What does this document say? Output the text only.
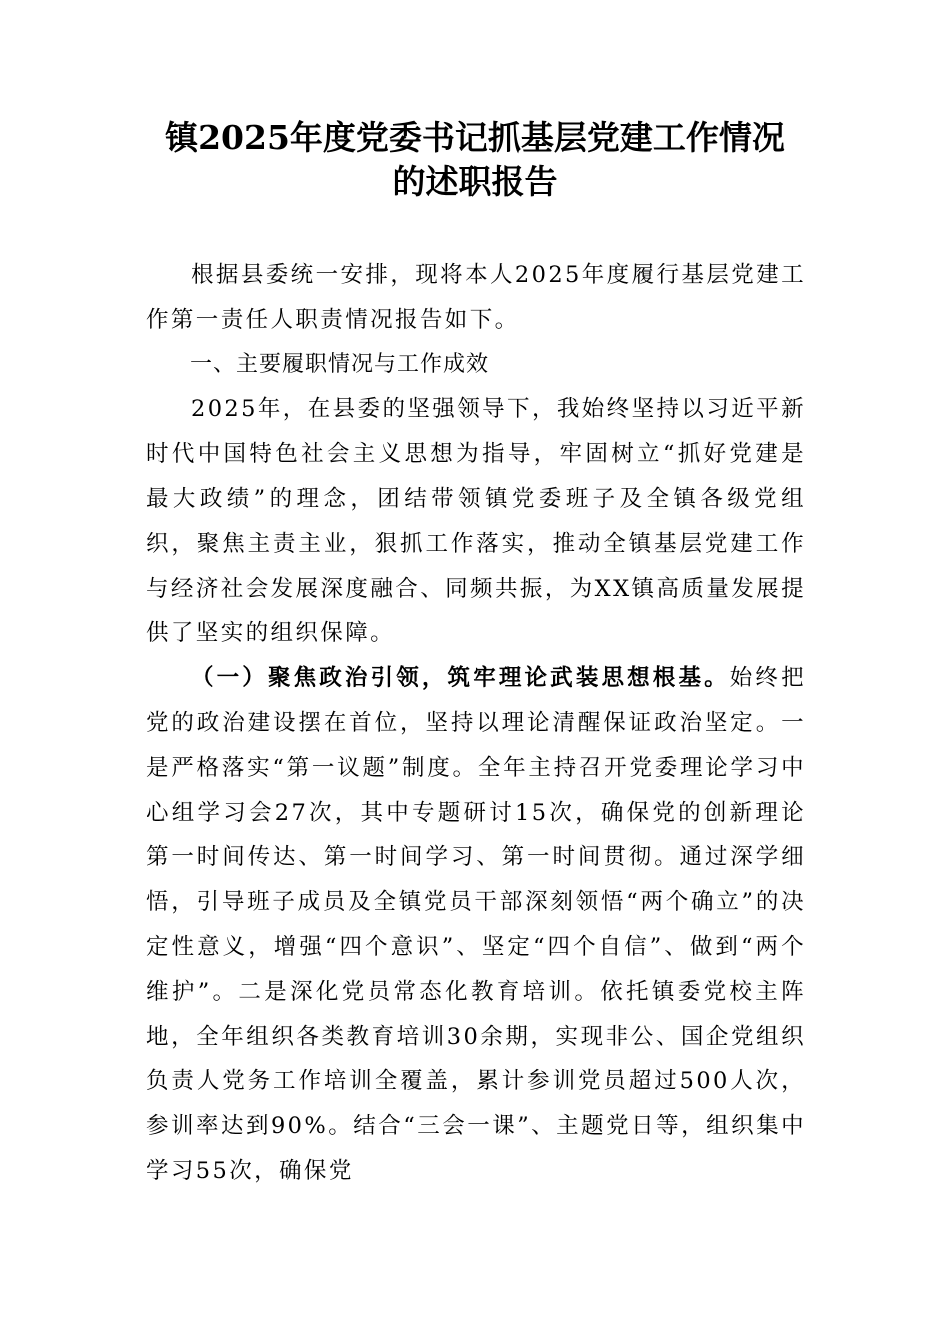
镇2025年度党委书记抓基层党建工作情况
的述职报告

根据县委统一安排，现将本人2025年度履行基层党建工作第一责任人职责情况报告如下。

一、主要履职情况与工作成效

2025年，在县委的坚强领导下，我始终坚持以习近平新时代中国特色社会主义思想为指导，牢固树立“抓好党建是最大政绩”的理念，团结带领镇党委班子及全镇各级党组织，聚焦主责主业，狠抓工作落实，推动全镇基层党建工作与经济社会发展深度融合、同频共振，为XX镇高质量发展提供了坚实的组织保障。

（一）聚焦政治引领，筑牢理论武装思想根基。始终把党的政治建设摆在首位，坚持以理论清醒保证政治坚定。一是严格落实“第一议题”制度。全年主持召开党委理论学习中心组学习会27次，其中专题研讨15次，确保党的创新理论第一时间传达、第一时间学习、第一时间贯彻。通过深学细悟，引导班子成员及全镇党员干部深刻领悟“两个确立”的决定性意义，增强“四个意识”、坚定“四个自信”、做到“两个维护”。二是深化党员常态化教育培训。依托镇委党校主阵地，全年组织各类教育培训30余期，实现非公、国企党组织负责人党务工作培训全覆盖，累计参训党员超过500人次，参训率达到90%。结合“三会一课”、主题党日等，组织集中学习55次，确保党
